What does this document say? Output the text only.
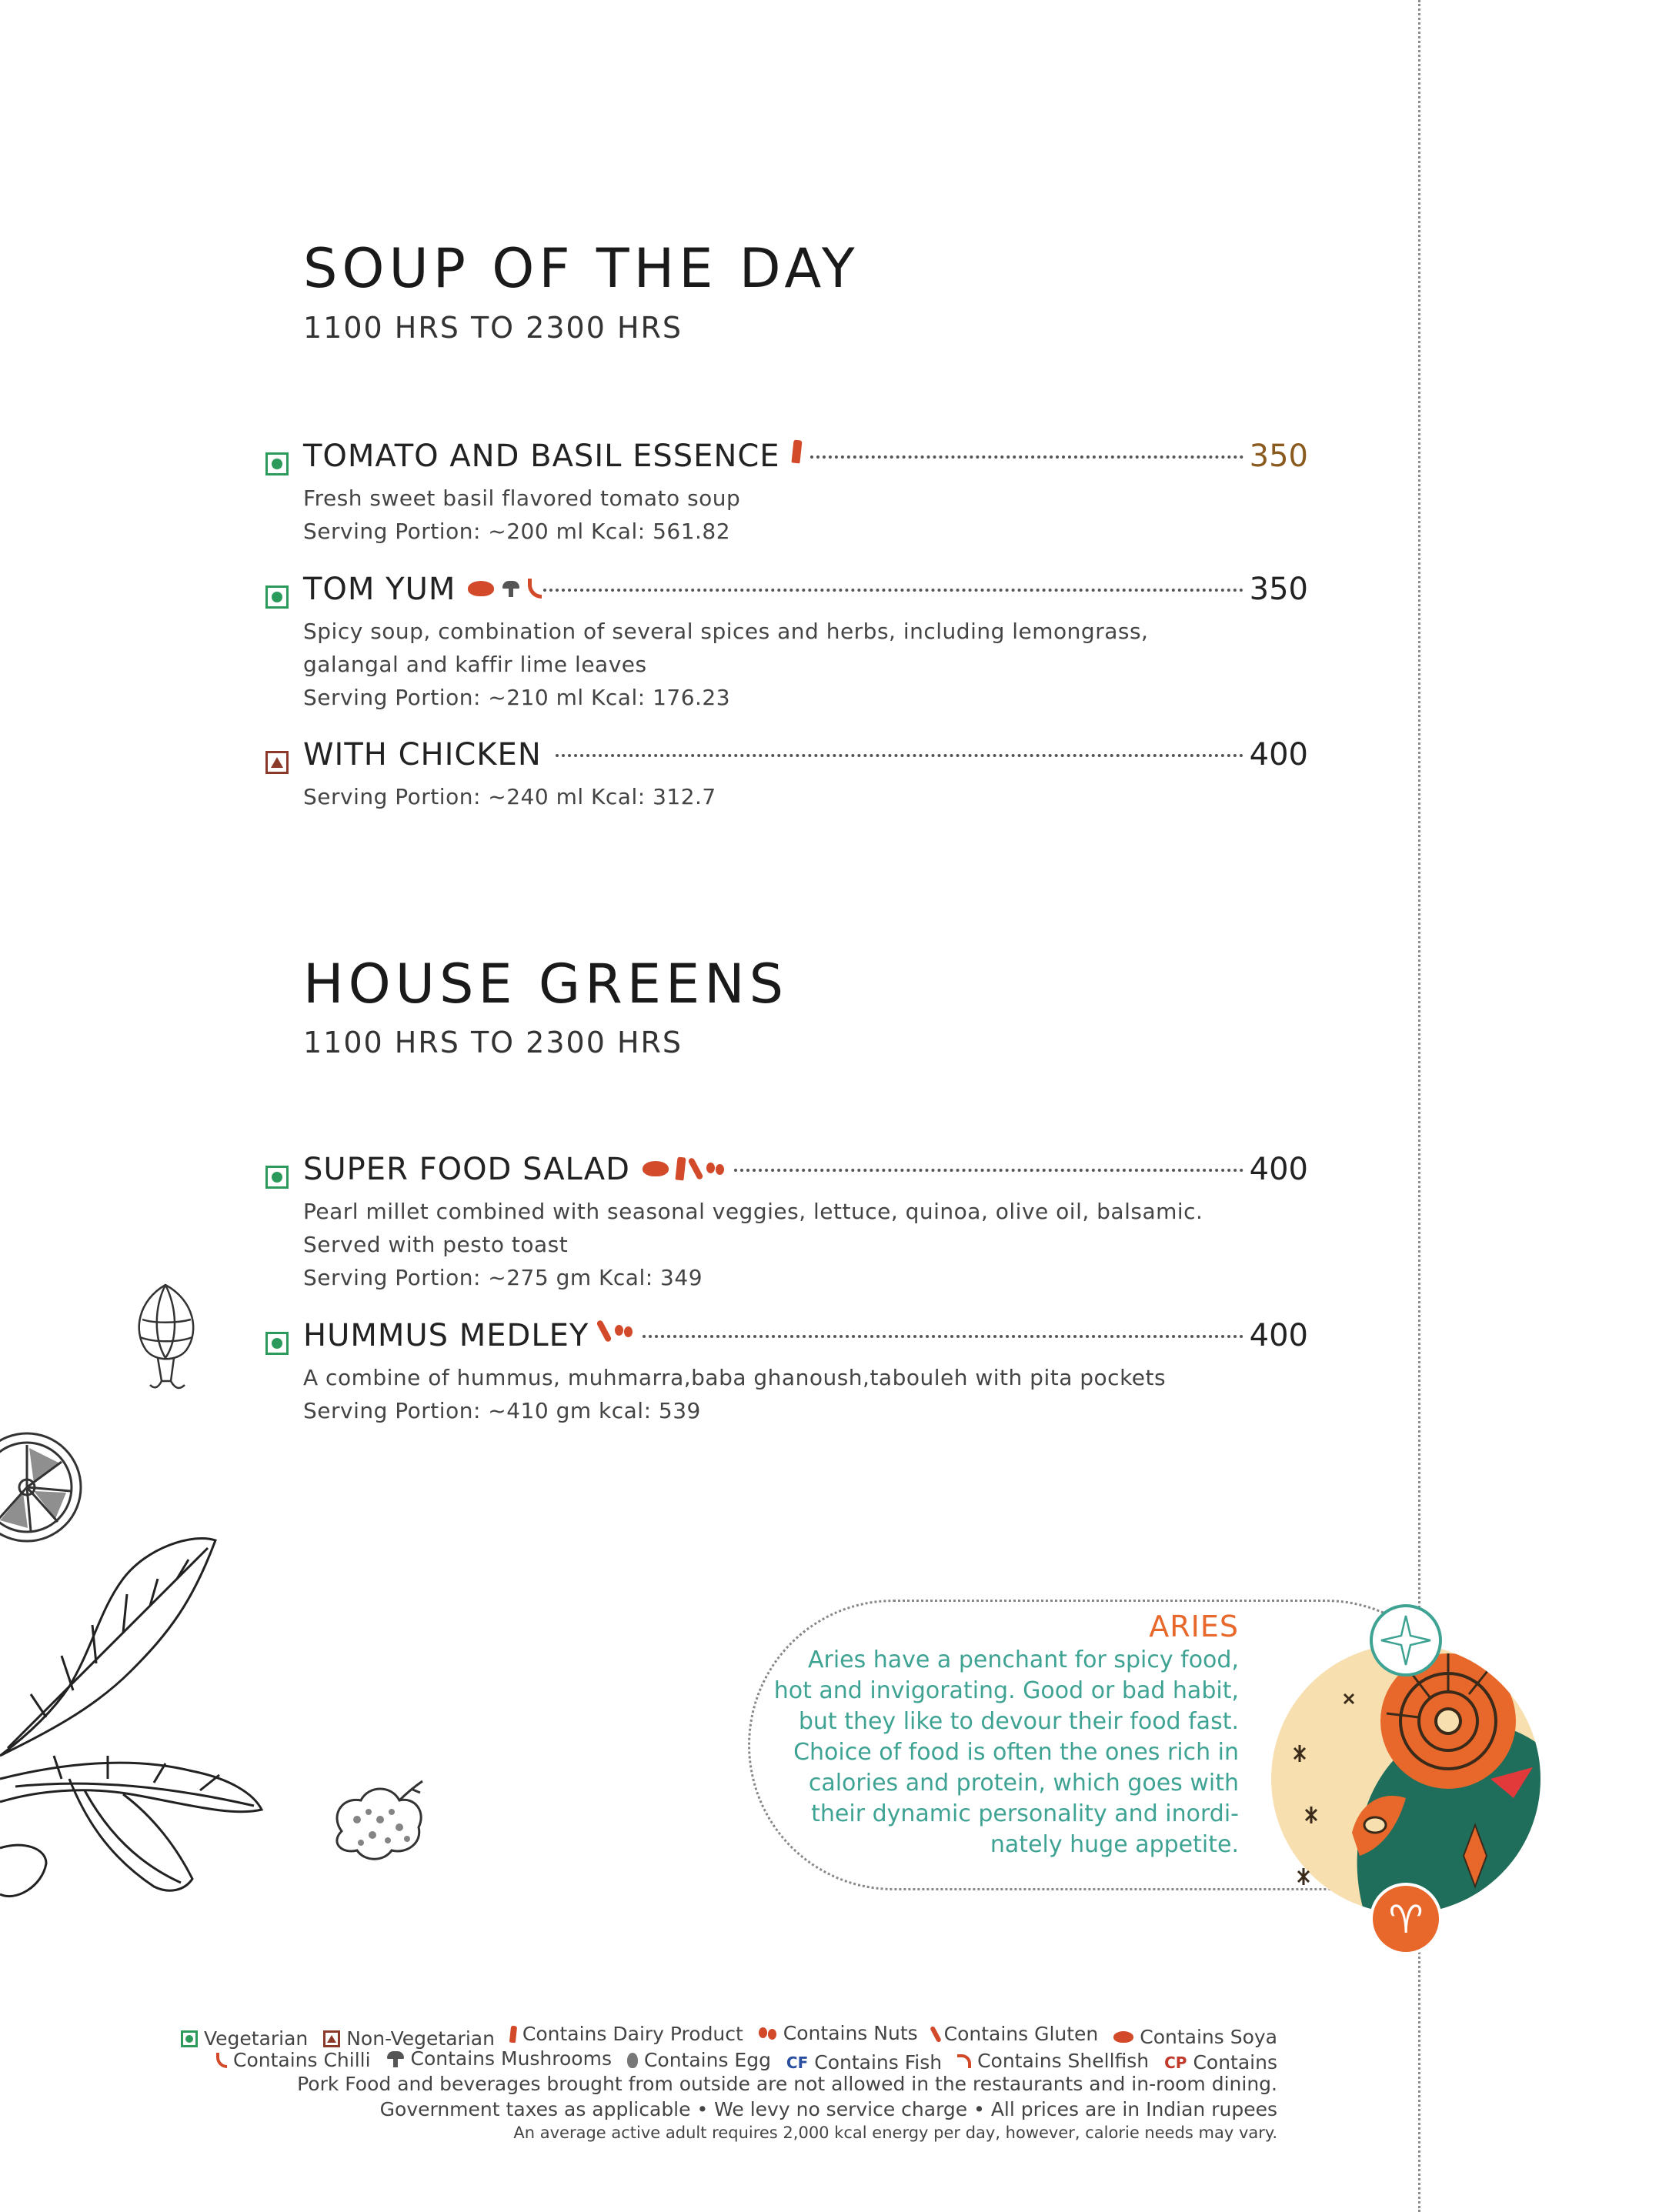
SOUP OF THE DAY
1100 HRS TO 2300 HRS
TOMATO AND BASIL ESSENCE	350
Fresh sweet basil flavored tomato soup
Serving Portion: ~200 ml Kcal: 561.82
TOM YUM	350
Spicy soup, combination of several spices and herbs, including lemongrass,
galangal and kaffir lime leaves
Serving Portion: ~210 ml Kcal: 176.23
WITH CHICKEN	400
Serving Portion: ~240 ml Kcal: 312.7
HOUSE GREENS
1100 HRS TO 2300 HRS
SUPER FOOD SALAD	400
Pearl millet combined with seasonal veggies, lettuce, quinoa, olive oil, balsamic.
Served with pesto toast
Serving Portion: ~275 gm Kcal: 349
HUMMUS MEDLEY	400
A combine of hummus, muhmarra,baba ghanoush,tabouleh with pita pockets
Serving Portion: ~410 gm kcal: 539
ARIES
Aries have a penchant for spicy food,
hot and invigorating. Good or bad habit,
but they like to devour their food fast.
Choice of food is often the ones rich in
calories and protein, which goes with
their dynamic personality and inordi-
nately huge appetite.
♈
Vegetarian
Non-Vegetarian
Contains Dairy Product
Contains Nuts
Contains Gluten
Contains Soya
Contains Chilli
Contains Mushrooms
Contains Egg
CF Contains Fish
Contains Shellfish
CP Contains
Pork Food and beverages brought from outside are not allowed in the restaurants and in-room dining.
Government taxes as applicable • We levy no service charge • All prices are in Indian rupees
An average active adult requires 2,000 kcal energy per day, however, calorie needs may vary.
